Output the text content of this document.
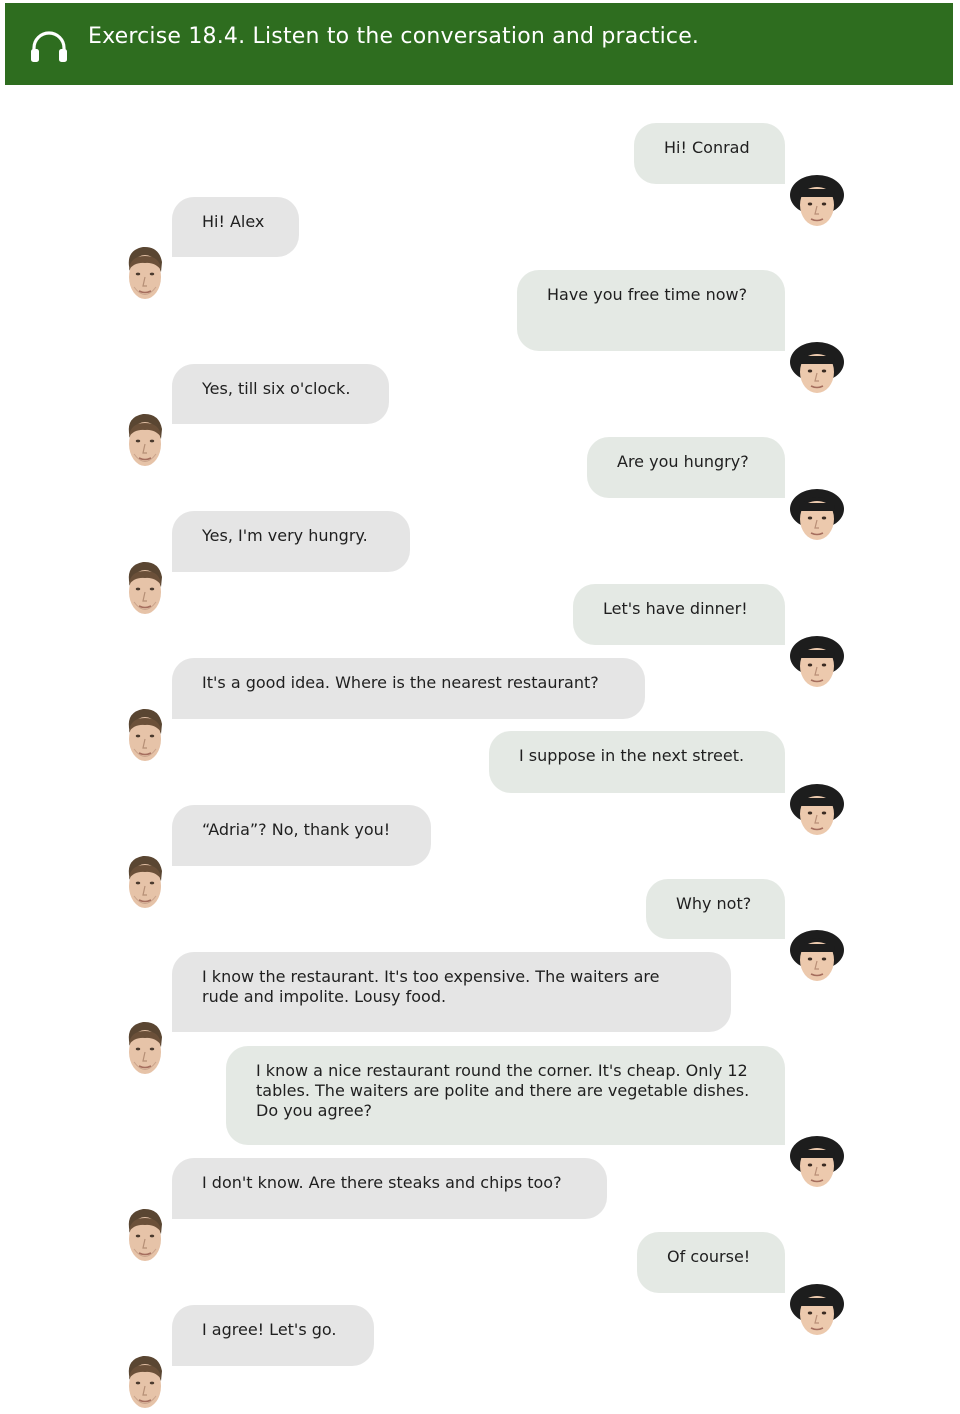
Exercise 18.4. Listen to the conversation and practice.
Hi! Conrad
Hi! Alex
Have you free time now?
Yes, till six o'clock.
Are you hungry?
Yes, I'm very hungry.
Let's have dinner!
It's a good idea. Where is the nearest restaurant?
I suppose in the next street.
“Adria”? No, thank you!
Why not?
I know the restaurant. It's too expensive. The waiters are rude and impolite. Lousy food.
I know a nice restaurant round the corner. It's cheap. Only 12 tables. The waiters are polite and there are vegetable dishes. Do you agree?
I don't know. Are there steaks and chips too?
Of course!
I agree! Let's go.
